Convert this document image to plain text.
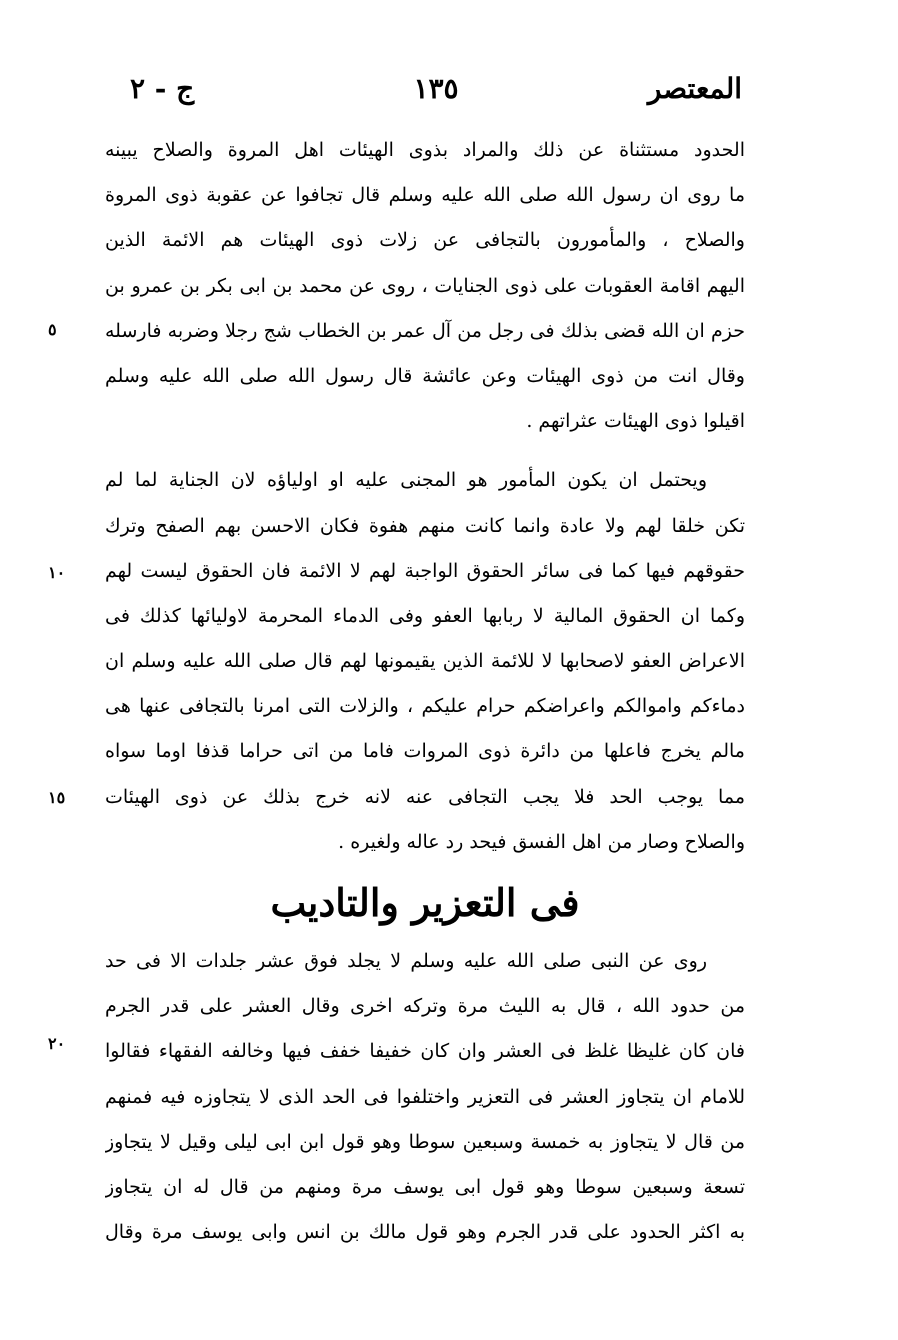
المعتصر
١٣٥
ج - ٢
الحدود مستثناة عن ذلك والمراد بذوى الهيئات اهل المروة والصلاح يبينه
ما روى ان رسول الله صلى الله عليه وسلم قال تجافوا عن عقوبة ذوى المروة
والصلاح ، والمأمورون بالتجافى عن زلات ذوى الهيئات هم الائمة الذين
اليهم اقامة العقوبات على ذوى الجنايات ، روى عن محمد بن ابى بكر بن عمرو بن
حزم ان الله قضى بذلك فى رجل من آل عمر بن الخطاب شج رجلا وضربه فارسله
وقال انت من ذوى الهيئات وعن عائشة قال رسول الله صلى الله عليه وسلم
اقيلوا ذوى الهيئات عثراتهم .
ويحتمل ان يكون المأمور هو المجنى عليه او اولياؤه لان الجناية لما لم
تكن خلقا لهم ولا عادة وانما كانت منهم هفوة فكان الاحسن بهم الصفح وترك
حقوقهم فيها كما فى سائر الحقوق الواجبة لهم لا الائمة فان الحقوق ليست لهم
وكما ان الحقوق المالية لا ربابها العفو وفى الدماء المحرمة لاوليائها كذلك فى
الاعراض العفو لاصحابها لا للائمة الذين يقيمونها لهم قال صلى الله عليه وسلم ان
دماءكم واموالكم واعراضكم حرام عليكم ، والزلات التى امرنا بالتجافى عنها هى
مالم يخرج فاعلها من دائرة ذوى المروات فاما من اتى حراما قذفا اوما سواه
مما يوجب الحد فلا يجب التجافى عنه لانه خرج بذلك عن ذوى الهيئات
والصلاح وصار من اهل الفسق فيحد رد عاله ولغيره .
فى التعزير والتاديب
روى عن النبى صلى الله عليه وسلم لا يجلد فوق عشر جلدات الا فى حد
من حدود الله ، قال به الليث مرة وتركه اخرى وقال العشر على قدر الجرم
فان كان غليظا غلظ فى العشر وان كان خفيفا خفف فيها وخالفه الفقهاء فقالوا
للامام ان يتجاوز العشر فى التعزير واختلفوا فى الحد الذى لا يتجاوزه فيه فمنهم
من قال لا يتجاوز به خمسة وسبعين سوطا وهو قول ابن ابى ليلى وقيل لا يتجاوز
تسعة وسبعين سوطا وهو قول ابى يوسف مرة ومنهم من قال له ان يتجاوز
به اكثر الحدود على قدر الجرم وهو قول مالك بن انس وابى يوسف مرة وقال
٥
١٠
١٥
٢٠
